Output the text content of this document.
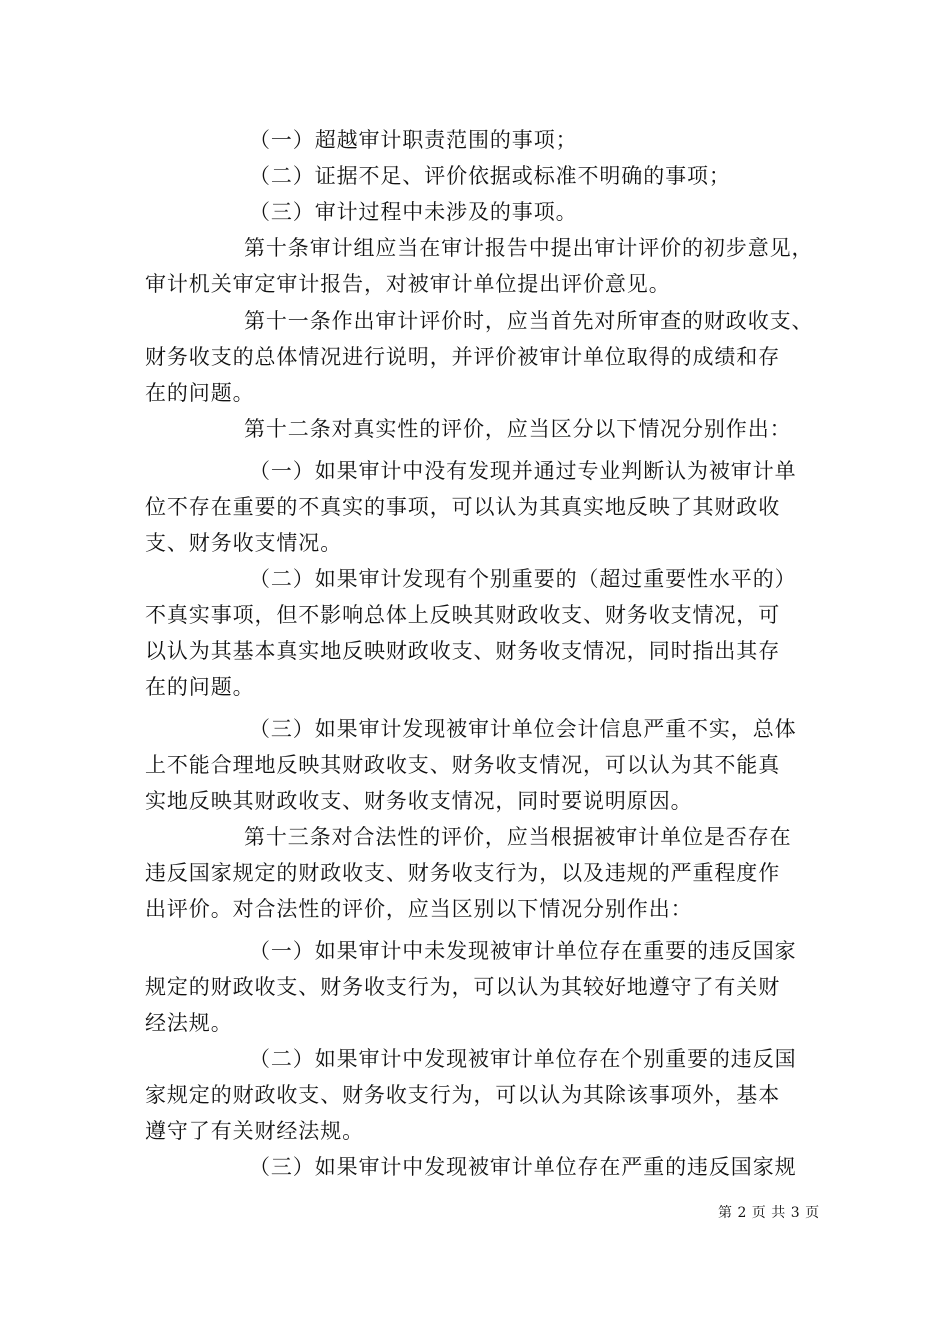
（一）超越审计职责范围的事项；
（二）证据不足、评价依据或标准不明确的事项；
（三）审计过程中未涉及的事项。
第十条审计组应当在审计报告中提出审计评价的初步意见，
审计机关审定审计报告，对被审计单位提出评价意见。
第十一条作出审计评价时，应当首先对所审查的财政收支、
财务收支的总体情况进行说明，并评价被审计单位取得的成绩和存
在的问题。
第十二条对真实性的评价，应当区分以下情况分别作出：
（一）如果审计中没有发现并通过专业判断认为被审计单
位不存在重要的不真实的事项，可以认为其真实地反映了其财政收
支、财务收支情况。
（二）如果审计发现有个别重要的（超过重要性水平的）
不真实事项，但不影响总体上反映其财政收支、财务收支情况，可
以认为其基本真实地反映财政收支、财务收支情况，同时指出其存
在的问题。
（三）如果审计发现被审计单位会计信息严重不实，总体
上不能合理地反映其财政收支、财务收支情况，可以认为其不能真
实地反映其财政收支、财务收支情况，同时要说明原因。
第十三条对合法性的评价，应当根据被审计单位是否存在
违反国家规定的财政收支、财务收支行为，以及违规的严重程度作
出评价。对合法性的评价，应当区别以下情况分别作出：
（一）如果审计中未发现被审计单位存在重要的违反国家
规定的财政收支、财务收支行为，可以认为其较好地遵守了有关财
经法规。
（二）如果审计中发现被审计单位存在个别重要的违反国
家规定的财政收支、财务收支行为，可以认为其除该事项外，基本
遵守了有关财经法规。
（三）如果审计中发现被审计单位存在严重的违反国家规
第 2 页 共 3 页
